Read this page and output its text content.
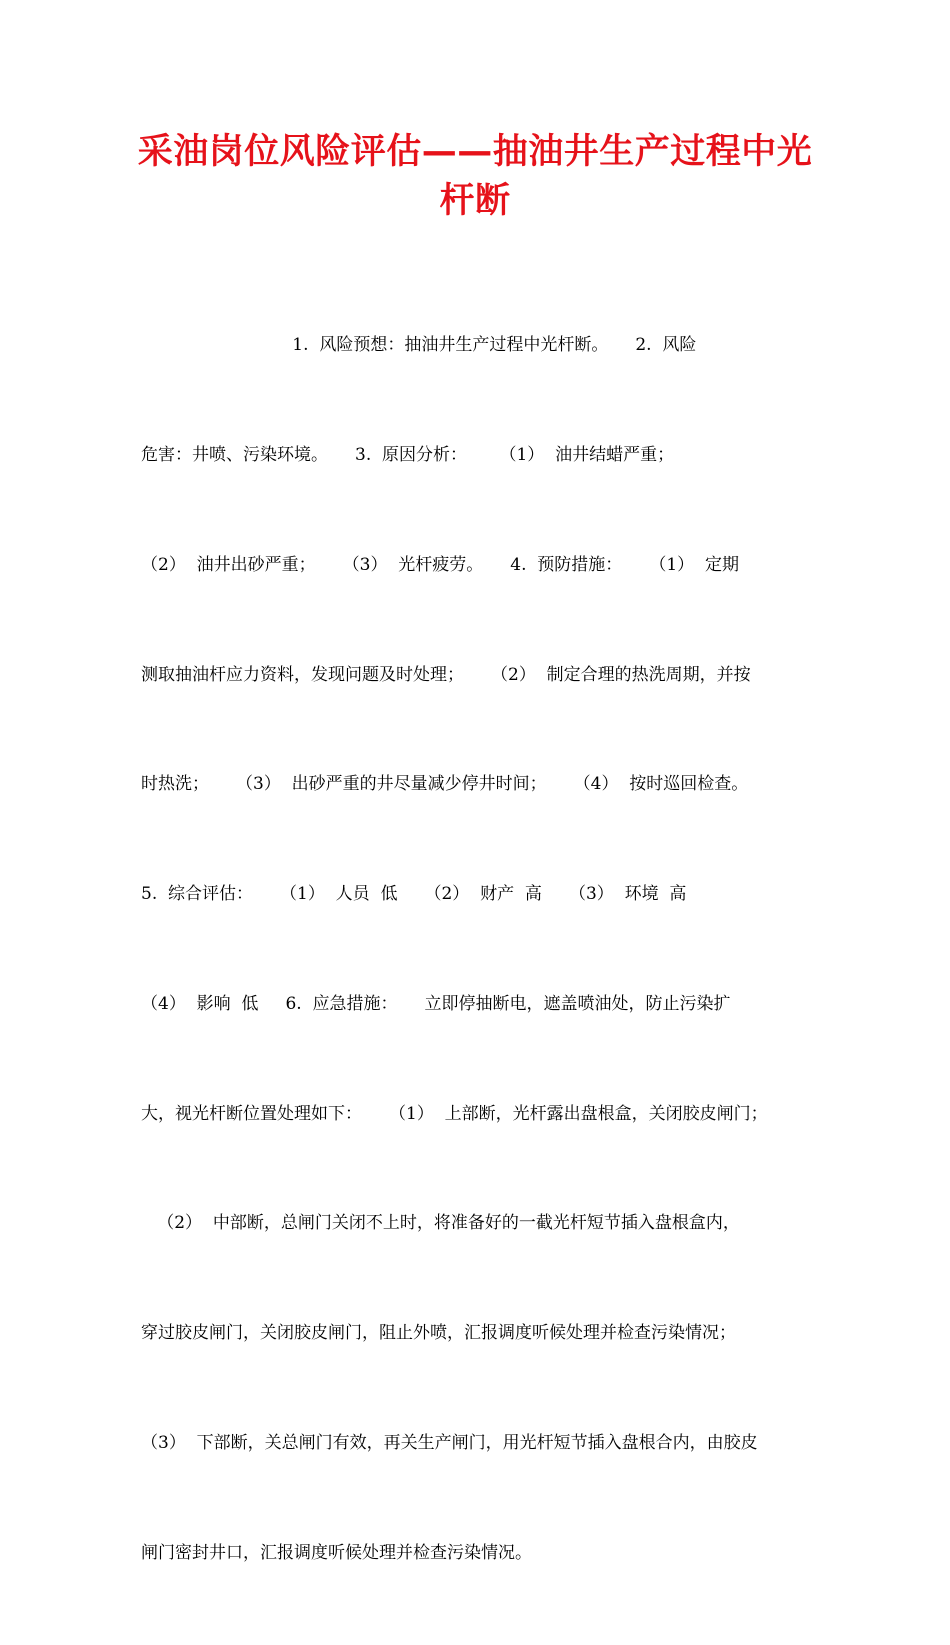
采油岗位风险评估——抽油井生产过程中光
杆断

1.  风险预想：抽油井生产过程中光杆断。     2.  风险

危害：井喷、污染环境。     3.  原因分析：      （1）  油井结蜡严重；

（2）  油井出砂严重；     （3）  光杆疲劳。     4.  预防措施：     （1）  定期

测取抽油杆应力资料，发现问题及时处理；     （2）  制定合理的热洗周期，并按

时热洗；     （3）  出砂严重的井尽量减少停井时间；     （4）  按时巡回检查。

5.  综合评估：     （1）  人员  低     （2）  财产  高     （3）  环境  高

（4）  影响  低     6.  应急措施：     立即停抽断电，遮盖喷油处，防止污染扩

大，视光杆断位置处理如下：     （1）  上部断，光杆露出盘根盒，关闭胶皮闸门；

（2）  中部断，总闸门关闭不上时，将准备好的一截光杆短节插入盘根盒内，

穿过胶皮闸门，关闭胶皮闸门，阻止外喷，汇报调度听候处理并检查污染情况；

（3）  下部断，关总闸门有效，再关生产闸门，用光杆短节插入盘根合内，由胶皮

闸门密封井口，汇报调度听候处理并检查污染情况。
